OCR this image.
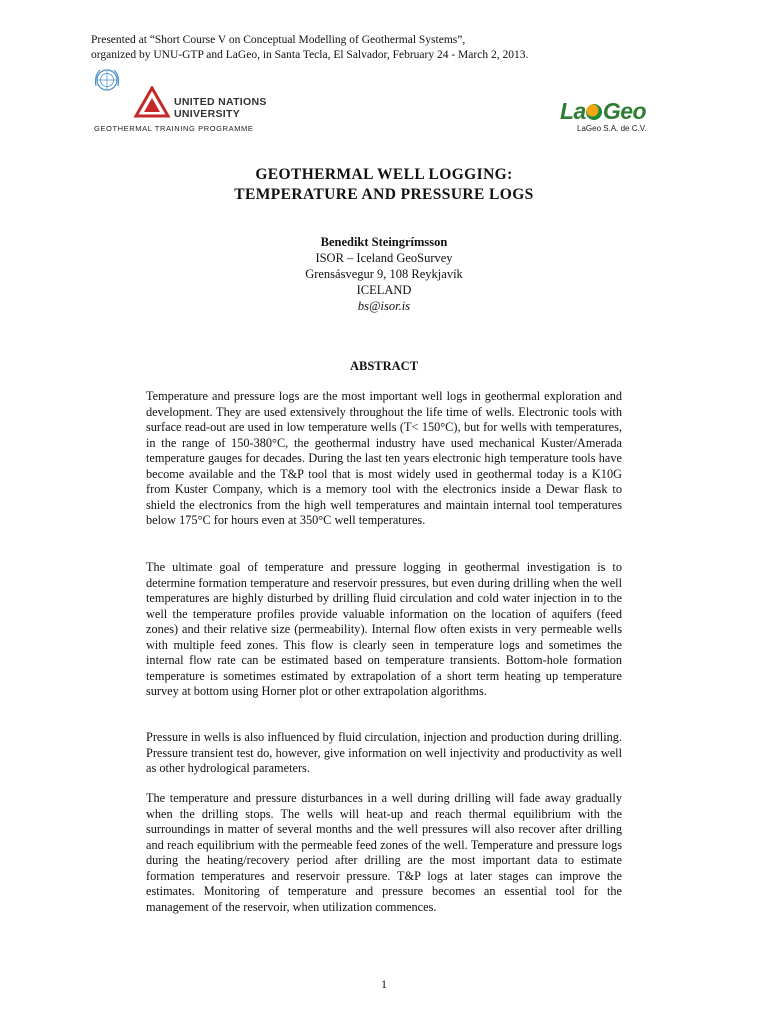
Presented at “Short Course V on Conceptual Modelling of Geothermal Systems”,
organized by UNU-GTP and LaGeo, in Santa Tecla, El Salvador, February 24 - March 2, 2013.
UNITED NATIONS
UNIVERSITY
GEOTHERMAL TRAINING PROGRAMME
La Geo
LaGeo S.A. de C.V.
GEOTHERMAL WELL LOGGING:
TEMPERATURE AND PRESSURE LOGS
Benedikt Steingrímsson
ISOR – Iceland GeoSurvey
Grensásvegur 9, 108 Reykjavík
ICELAND
bs@isor.is
ABSTRACT
Temperature and pressure logs are the most important well logs in geothermal exploration and development. They are used extensively throughout the life time of wells. Electronic tools with surface read-out are used in low temperature wells (T< 150°C), but for wells with temperatures, in the range of 150-380°C, the geothermal industry have used mechanical Kuster/Amerada temperature gauges for decades. During the last ten years electronic high temperature tools have become available and the T&P tool that is most widely used in geothermal today is a K10G from Kuster Company, which is a memory tool with the electronics inside a Dewar flask to shield the electronics from the high well temperatures and maintain internal tool temperatures below 175°C for hours even at 350°C well temperatures.
The ultimate goal of temperature and pressure logging in geothermal investigation is to determine formation temperature and reservoir pressures, but even during drilling when the well temperatures are highly disturbed by drilling fluid circulation and cold water injection in to the well the temperature profiles provide valuable information on the location of aquifers (feed zones) and their relative size (permeability). Internal flow often exists in very permeable wells with multiple feed zones. This flow is clearly seen in temperature logs and sometimes the internal flow rate can be estimated based on temperature transients. Bottom-hole formation temperature is sometimes estimated by extrapolation of a short term heating up temperature survey at bottom using Horner plot or other extrapolation algorithms.
Pressure in wells is also influenced by fluid circulation, injection and production during drilling. Pressure transient test do, however, give information on well injectivity and productivity as well as other hydrological parameters.
The temperature and pressure disturbances in a well during drilling will fade away gradually when the drilling stops. The wells will heat-up and reach thermal equilibrium with the surroundings in matter of several months and the well pressures will also recover after drilling and reach equilibrium with the permeable feed zones of the well. Temperature and pressure logs during the heating/recovery period after drilling are the most important data to estimate formation temperatures and reservoir pressure. T&P logs at later stages can improve the estimates. Monitoring of temperature and pressure becomes an essential tool for the management of the reservoir, when utilization commences.
1
